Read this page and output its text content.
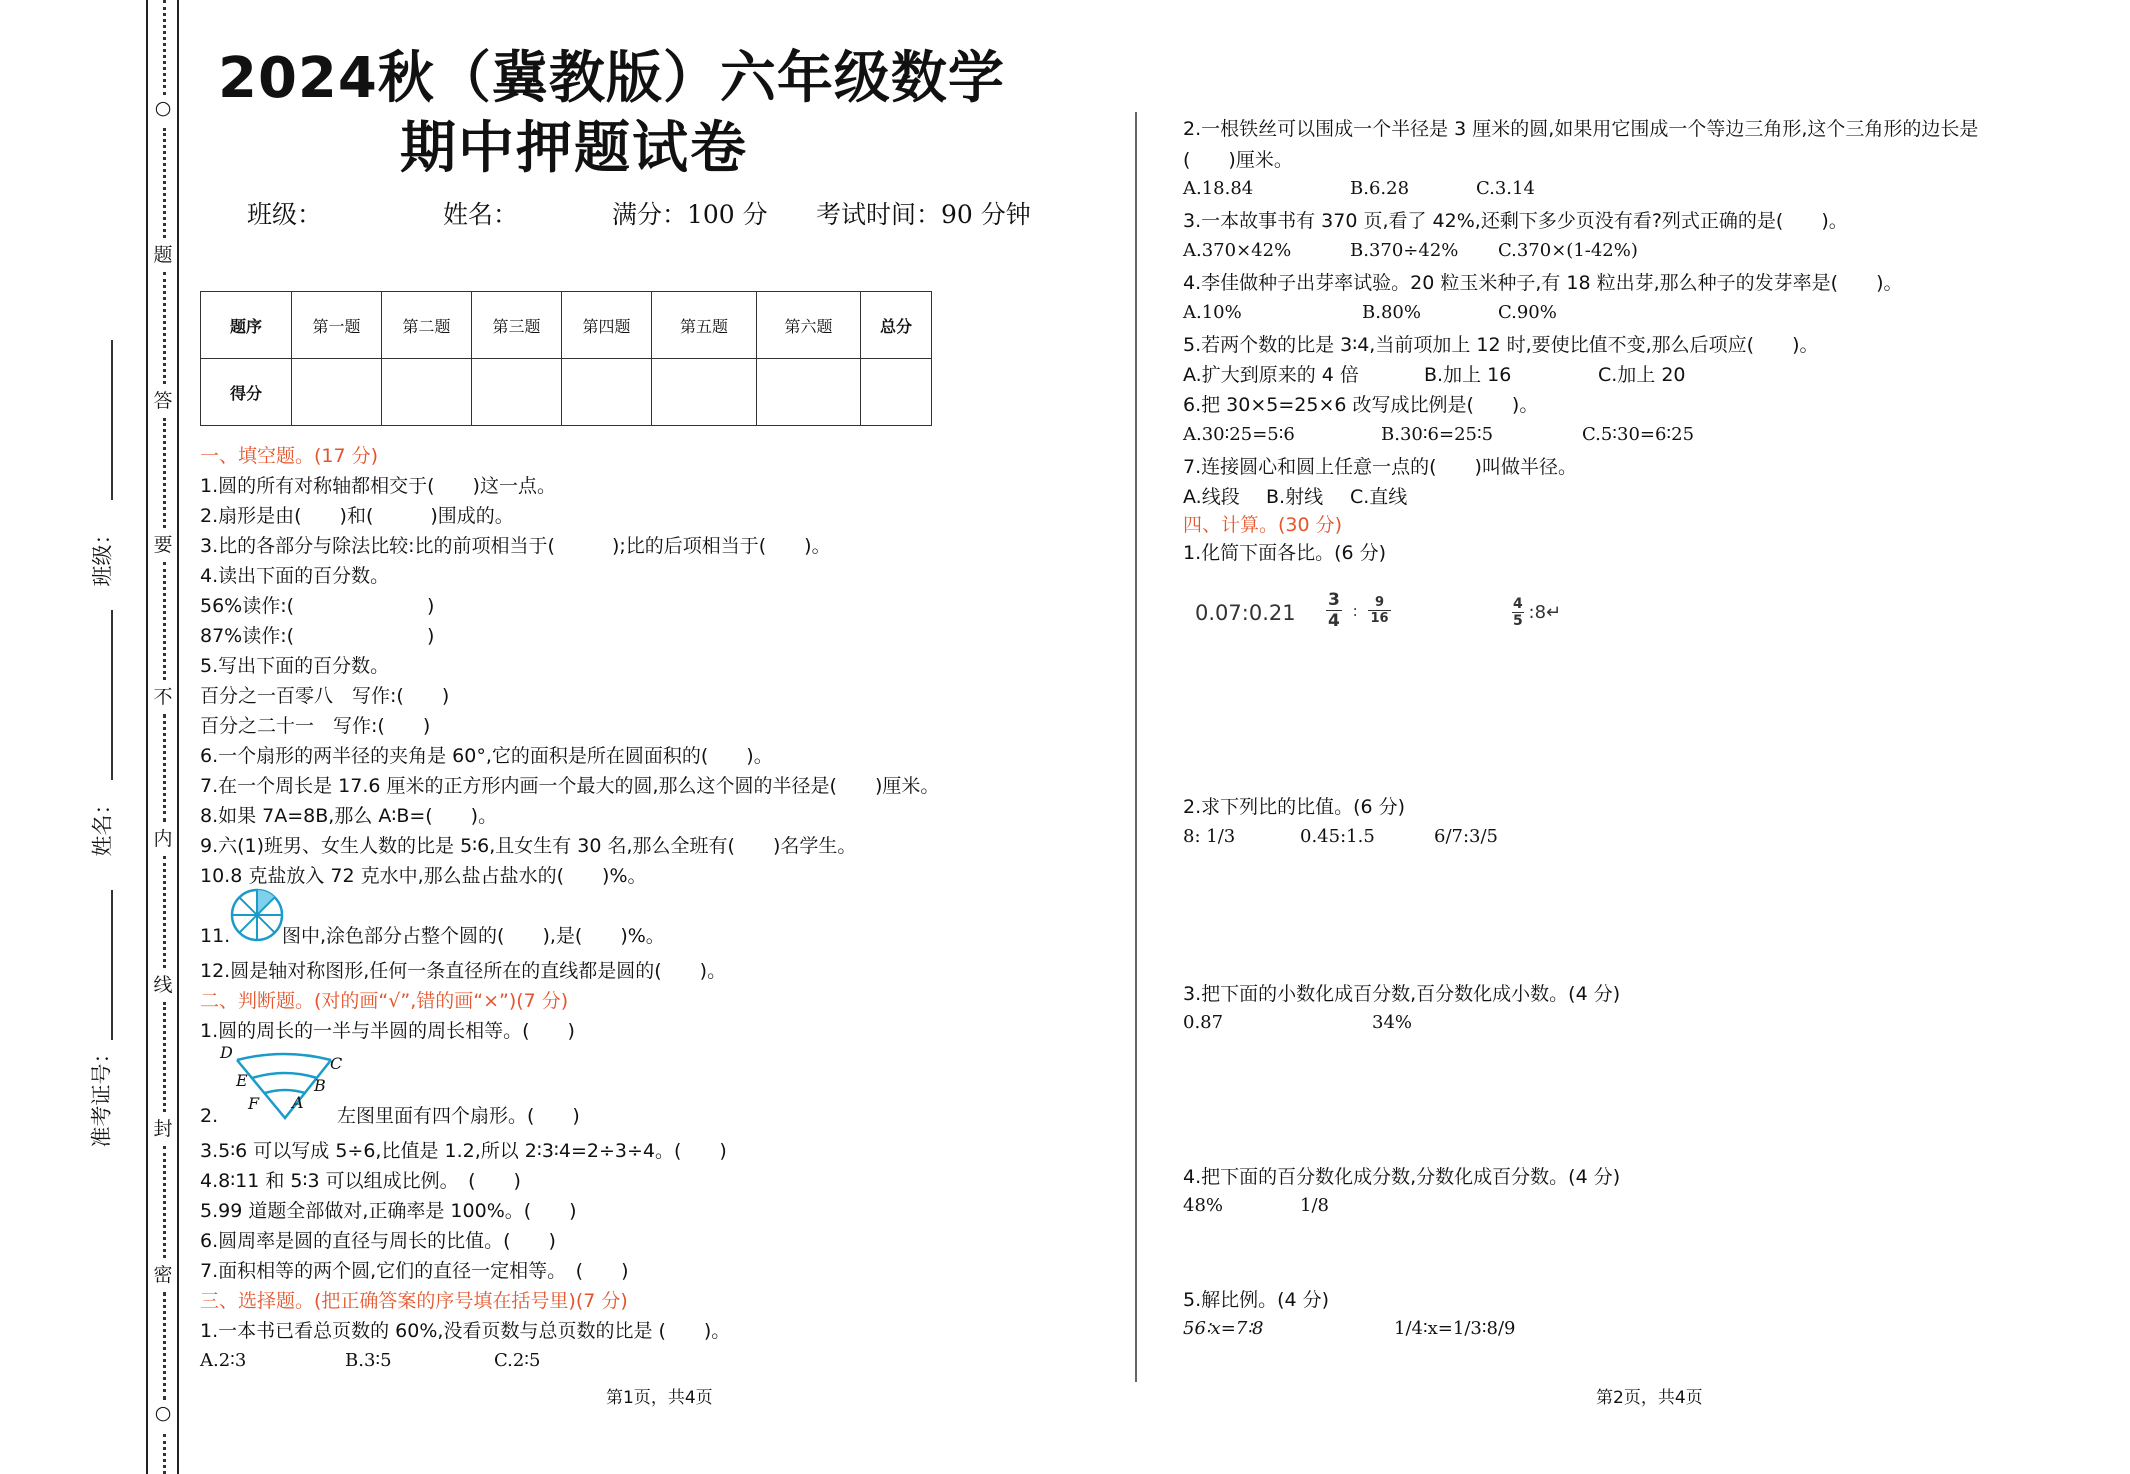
○
题
答
要
不
内
线
封
密
○
班级：
姓名：
准考证号：
2024秋（冀教版）六年级数学
期中押题试卷
班级：	姓名：	满分：100 分 考试时间：90 分钟
题序	第一题	第二题	第三题	第四题	第五题	第六题	总分
得分							
一、填空题。(17 分)
1.圆的所有对称轴都相交于(　　)这一点。
2.扇形是由(　　)和(　　　)围成的。
3.比的各部分与除法比较:比的前项相当于(　　　);比的后项相当于(　　)。
4.读出下面的百分数。
56%读作:(　　　　　　　)
87%读作:(　　　　　　　)
5.写出下面的百分数。
百分之一百零八　写作:(　　)
百分之二十一　写作:(　　)
6.一个扇形的两半径的夹角是 60°,它的面积是所在圆面积的(　　)。
7.在一个周长是 17.6 厘米的正方形内画一个最大的圆,那么这个圆的半径是(　　)厘米。
8.如果 7A=8B,那么 A∶B=(　　)。
9.六(1)班男、女生人数的比是 5∶6,且女生有 30 名,那么全班有(　　)名学生。
10.8 克盐放入 72 克水中,那么盐占盐水的(　　)%。
11.	图中,涂色部分占整个圆的(　　),是(　　)%。
12.圆是轴对称图形,任何一条直径所在的直线都是圆的(　　)。
二、判断题。(对的画“√”,错的画“×”)(7 分)
1.圆的周长的一半与半圆的周长相等。(　　)
2.
D
C
E	B
F A
左图里面有四个扇形。(　　)
3.5∶6 可以写成 5÷6,比值是 1.2,所以 2∶3∶4=2÷3÷4。(　　)
4.8∶11 和 5∶3 可以组成比例。　(　　)
5.99 道题全部做对,正确率是 100%。(　　)
6.圆周率是圆的直径与周长的比值。(　　)
7.面积相等的两个圆,它们的直径一定相等。　(　　)
三、选择题。(把正确答案的序号填在括号里)(7 分)
1.一本书已看总页数的 60%,没看页数与总页数的比是 (　　)。
A.2∶3	B.3∶5	C.2∶5
第1页，共4页
2.一根铁丝可以围成一个半径是 3 厘米的圆,如果用它围成一个等边三角形,这个三角形的边长是
(　　)厘米。
A.18.84	B.6.28	C.3.14
3.一本故事书有 370 页,看了 42%,还剩下多少页没有看?列式正确的是(　　)。
A.370×42%	B.370÷42% C.370×(1-42%)
4.李佳做种子出芽率试验。20 粒玉米种子,有 18 粒出芽,那么种子的发芽率是(　　)。
A.10%	B.80%	C.90%
5.若两个数的比是 3∶4,当前项加上 12 时,要使比值不变,那么后项应(　　)。
A.扩大到原来的 4 倍	B.加上 16	C.加上 20
6.把 30×5=25×6 改写成比例是(　　)。
A.30∶25=5∶6	B.30∶6=25∶5	C.5∶30=6∶25
7.连接圆心和圆上任意一点的(　　)叫做半径。
A.线段 B.射线 C.直线
四、计算。(30 分)
1.化简下面各比。(6 分)
0.07:0.21 $\frac{3}{4}$ : $\frac{9}{16}$	$\frac{4}{5}$ :8↵
2.求下列比的比值。(6 分)
8: 1/3	0.45:1.5	6/7:3/5
3.把下面的小数化成百分数,百分数化成小数。(4 分)
0.87	34%
4.把下面的百分数化成分数,分数化成百分数。(4 分)
48%	1/8
5.解比例。(4 分)
56∶x=7∶8	1/4∶x=1/3∶8/9
第2页，共4页
